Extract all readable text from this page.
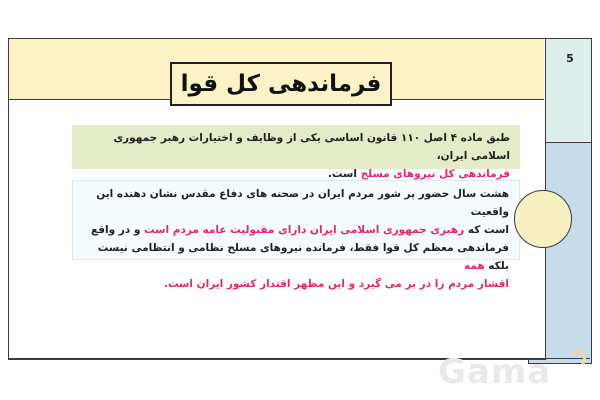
5
فرماندهی کل قوا
طبق ماده ۴ اصل ۱۱۰ قانون اساسی یکی از وظایف و اختیارات رهبر جمهوری اسلامی ایران،
فرماندهی کل نیروهای مسلح است.
هشت سال حضور پر شور مردم ایران در صحنه های دفاع مقدس نشان دهنده این واقعیت
است که رهبری جمهوری اسلامی ایران دارای مقبولیت عامه مردم است و در واقع
فرماندهی معظم کل قوا فقط، فرمانده نیروهای مسلح نظامی و انتظامی نیست بلکه همه
اقشار مردم را در بر می گیرد و این مظهر اقتدار کشور ایران است.
Gama
